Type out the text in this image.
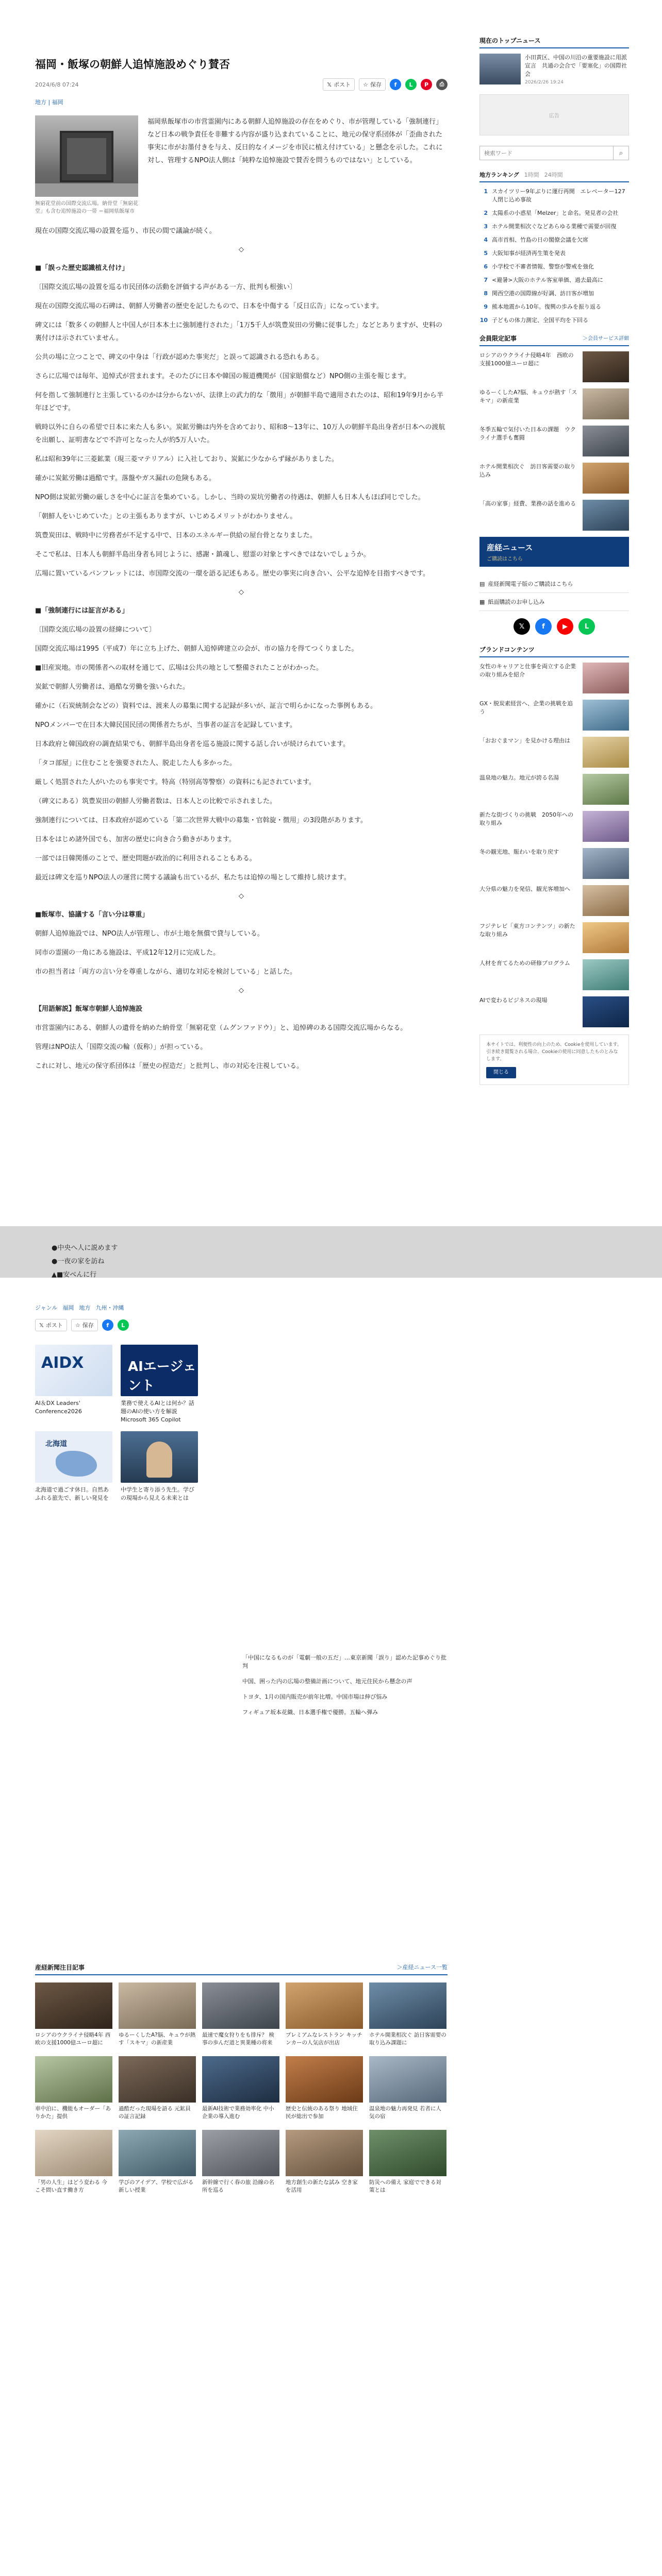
福岡・飯塚の朝鮮人追悼施設めぐり賛否
2024/6/8 07:24	𝕏 ポスト ☆ 保存	f	L	P	⎙
地方 | 福岡
無窮花堂前の国際交流広場。納骨堂「無窮花堂」も含む追悼施設の一帯 ＝福岡県飯塚市

福岡県飯塚市の市営霊園内にある朝鮮人追悼施設の存在をめぐり、市が管理している「強制連行」など日本の戦争責任を非難する内容が盛り込まれていることに、地元の保守系団体が「歪曲された事実に市がお墨付きを与え、反日的なイメージを市民に植え付けている」と懸念を示した。これに対し、管理するNPO法人側は「純粋な追悼施設で賛否を問うものではない」としている。

現在の国際交流広場の設置を巡り、市民の間で議論が続く。

◇
■「誤った歴史認識植え付け」

〔国際交流広場の設置を巡る市民団体の活動を評価する声がある一方、批判も根強い〕

現在の国際交流広場の石碑は、朝鮮人労働者の歴史を記したもので、日本を中傷する「反日広告」になっています。

碑文には「数多くの朝鮮人と中国人が日本本土に強制連行された」「1万5千人が筑豊炭田の労働に従事した」などとありますが、史料の裏付けは示されていません。

公共の場に立つことで、碑文の中身は「行政が認めた事実だ」と誤って認識される恐れもある。

さらに広場では毎年、追悼式が営まれます。そのたびに日本や韓国の報道機関が（国家賠償など）NPO側の主張を報じます。

何を指して強制連行と主張しているのかは分からないが、法律上の武力的な「徴用」が朝鮮半島で適用されたのは、昭和19年9月から半年ほどです。

戦時以外に自らの希望で日本に来た人も多い。炭鉱労働は内外を含めており、昭和8〜13年に、10万人の朝鮮半島出身者が日本への渡航を出願し、証明書などで不許可となった人が約5万人いた。

私は昭和39年に三菱鉱業（現三菱マテリアル）に入社しており、炭鉱に少なからず縁がありました。

確かに炭鉱労働は過酷です。落盤やガス漏れの危険もある。

NPO側は炭鉱労働の厳しさを中心に証言を集めている。しかし、当時の炭坑労働者の待遇は、朝鮮人も日本人もほぼ同じでした。

「朝鮮人をいじめていた」との主張もありますが、いじめるメリットがわかりません。

筑豊炭田は、戦時中に労務者が不足する中で、日本のエネルギー供給の屋台骨となりました。

そこで私は、日本人も朝鮮半島出身者も同じように、感謝・鎮魂し、慰霊の対象とすべきではないでしょうか。

広場に置いているパンフレットには、市国際交流の一環を語る記述もある。歴史の事実に向き合い、公平な追悼を目指すべきです。

◇
■「強制連行には証言がある」

〔国際交流広場の設置の経緯について〕

国際交流広場は1995（平成7）年に立ち上げた、朝鮮人追悼碑建立の会が、市の協力を得てつくりました。

■旧産炭地。市の関係者への取材を通じて、広場は公共の地として整備されたことがわかった。

炭鉱で朝鮮人労働者は、過酷な労働を強いられた。

確かに（石炭統制会などの）資料では、渡来人の募集に関する記録が多いが、証言で明らかになった事例もある。

NPOメンバーで在日本大韓民国民団の関係者たちが、当事者の証言を記録しています。

日本政府と韓国政府の調査結果でも、朝鮮半島出身者を巡る施設に関する話し合いが続けられています。

「タコ部屋」に住むことを強要された人、脱走した人も多かった。

厳しく処罰された人がいたのも事実です。特高（特別高等警察）の資料にも記されています。

（碑文にある）筑豊炭田の朝鮮人労働者数は、日本人との比較で示されました。

強制連行については、日本政府が認めている「第二次世界大戦中の募集・官斡旋・徴用」の3段階があります。

日本をはじめ諸外国でも、加害の歴史に向き合う動きがあります。

一部では日韓関係のことで、歴史問題が政治的に利用されることもある。

最近は碑文を巡りNPO法人の運営に関する議論も出ているが、私たちは追悼の場として維持し続けます。

◇
■飯塚市、協議する「言い分は尊重」

朝鮮人追悼施設では、NPO法人が管理し、市が土地を無償で貸与している。

同市の霊園の一角にある施設は、平成12年12月に完成した。

市の担当者は「両方の言い分を尊重しながら、適切な対応を検討している」と話した。

◇
【用語解説】飯塚市朝鮮人追悼施設

市営霊園内にある、朝鮮人の遺骨を納めた納骨堂「無窮花堂（ムグンファドウ）」と、追悼碑のある国際交流広場からなる。

管理はNPO法人「国際交流の輪（仮称）」が担っている。

これに対し、地元の保守系団体は「歴史の捏造だ」と批判し、市の対応を注視している。

●中央へ人に説めます
●一夜の家を訪ね
▲■安べんに行
ジャンル 福岡 地方 九州・沖縄
𝕏 ポスト ☆ 保存	f	L
AIDX
AI＆DX Leaders' Conference2026
AIエージェント
業務で使えるAIとは何か？話題のAIの使い方を解説 Microsoft 365 Copilot
北海道
北海道で過ごす休日。自然あふれる旅先で、新しい発見を
中学生と寄り添う先生。学びの現場から見える未来とは
「中国になるものが「電劇一般の五だ」…東京新聞「誤り」認めた記事めぐり批判
中国、囲った内の広場の整備計画について、地元住民から懸念の声
トヨタ、1月の国内販売が前年比増。中国市場は伸び悩み
フィギュア坂本花織、日本選手権で優勝。五輪へ弾み
産経新聞注目記事	＞産経ニュース一覧
ロシアのウクライナ侵略4年 西欧の支援1000億ユーロ超に
ゆるーくしたA?脳、キュウが熱す「スキマ」の新産業
最速で魔女狩りをも排斥？ 検事の歩んだ道と異業種の将来
プレミアムなレストラン キッチンカーの人気店が出店
ホテル開業相次ぐ 訪日客需要の取り込み課題に
車中泊に、機能もオーダー「ありかた」提供
過酷だった現場を語る 元鉱員の証言記録
最新AI技術で業務効率化 中小企業の導入進む
歴史と伝統のある祭り 地域住民が総出で参加
温泉地の魅力再発見 若者に人気の宿
「男の人生」はどう変わる 今こそ問い直す働き方
学びのアイデア、学校で広がる新しい授業
新幹線で行く春の旅 沿線の名所を巡る
地方創生の新たな試み 空き家を活用
防災への備え 家庭でできる対策とは
現在のトップニュース
小田黄区、中国の川沿の重要施設に用派宣言　共通の会合で「要塞化」の国際社会
2026/2/26 19:24
広告
検索ワード
⌕
地方ランキング 1時間 24時間
1 スカイツリー9年ぶりに運行再開　エレベーター127人閉じ込め事故
2 太陽系の小惑星「Melzer」と命名。発見者の会社
3 ホテル開業相次ぐなどあらゆる業種で需要が回復
4 高市首相、竹島の日の閣僚会議を欠席
5 大阪知事が経済再生策を発表
6 小学校で不審者情報、警察が警戒を強化
7 <避暑>大阪のホテル客室単価、過去最高に
8 関西空港の国際線が好調、訪日客が増加
9 熊本地震から10年。復興の歩みを振り返る
10 子どもの体力測定、全国平均を下回る
会員限定記事	＞会員サービス詳細
ロシアのウクライナ侵略4年　西欧の支援1000億ユーロ超に
ゆるーくしたA?脳、キュウが熱す「スキマ」の新産業
冬季五輪で気付いた日本の課題　ウクライナ選手も奮闘
ホテル開業相次ぐ　訪日客需要の取り込み
「高の家事」経費、業務の話を進める
産経ニュース
ご購読はこちら
▤ 産経新聞電子版のご購読はこちら
▦ 紙面購読のお申し込み
𝕏	f	▶	L
ブランドコンテンツ
女性のキャリアと仕事を両立する企業の取り組みを紹介
GX・脱炭素経営へ、企業の挑戦を追う
「おおぐまマン」を見かける理由は
温泉地の魅力。地元が誇る名湯
新たな街づくりの挑戦　2050年への取り組み
冬の観光地、賑わいを取り戻す
大分県の魅力を発信、観光客増加へ
フジテレビ「東方コンテンツ」の新たな取り組み
人材を育てるための研修プログラム
AIで変わるビジネスの現場
本サイトでは、利便性の向上のため、Cookieを使用しています。引き続き閲覧される場合、Cookieの使用に同意したものとみなします。
閉じる
